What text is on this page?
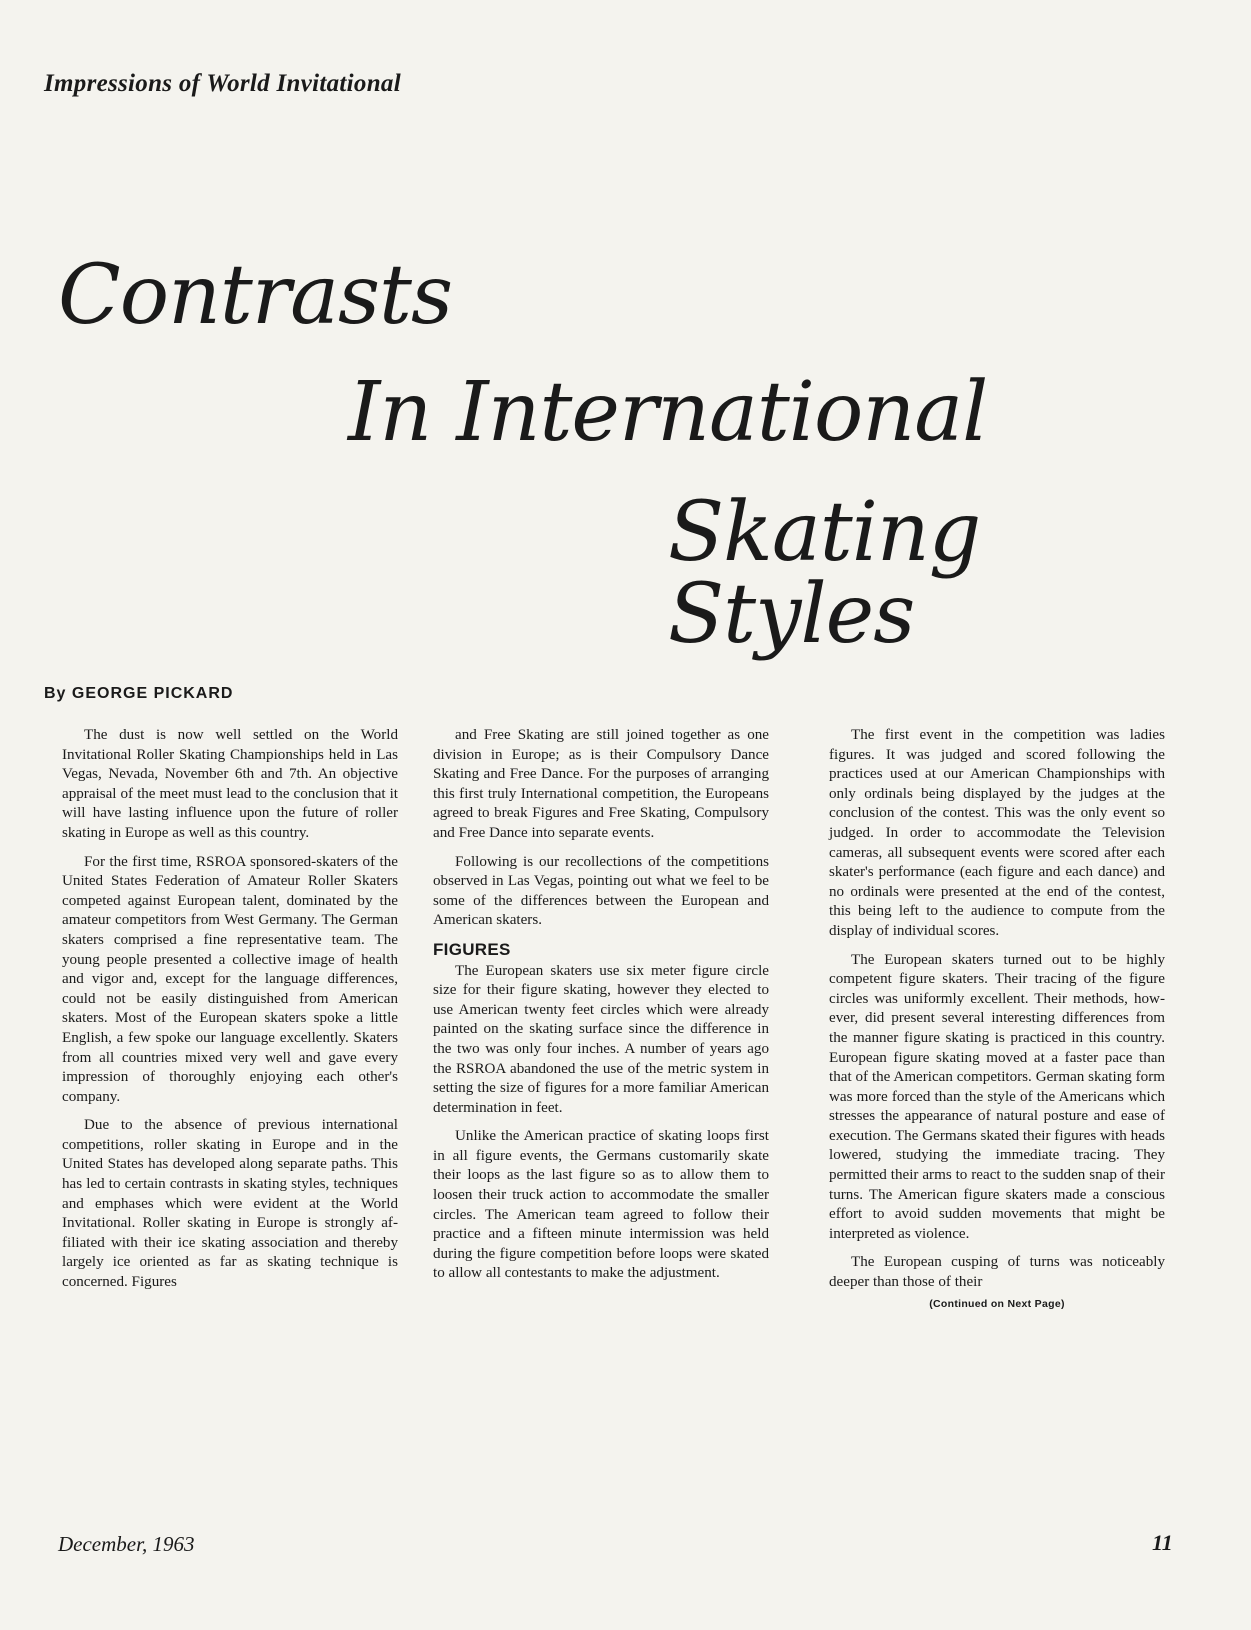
Impressions of World Invitational
Contrasts
In International
Skating Styles
By GEORGE PICKARD

The dust is now well settled on the World Invitational Roller Skating Championships held in Las Vegas, Nevada, November 6th and 7th. An objective appraisal of the meet must lead to the conclusion that it will have lasting influence upon the future of roller skating in Europe as well as this country.

For the first time, RSROA sponsored-skaters of the United States Federation of Amateur Roller Skaters competed against European talent, dominated by the amateur competitors from West Germany. The German skaters comprised a fine representative team. The young people presented a collective image of health and vigor and, except for the language differences, could not be easily distinguished from American skaters. Most of the European skaters spoke a little English, a few spoke our language excellently. Skaters from all countries mixed very well and gave every impression of thoroughly enjoying each other's company.

Due to the absence of previous international competitions, roller skating in Europe and in the United States has developed along separate paths. This has led to certain contrasts in skating styles, techniques and emphases which were evident at the World Invitational. Roller skating in Europe is strongly affiliated with their ice skating association and thereby largely ice oriented as far as skating technique is concerned. Figures

and Free Skating are still joined together as one division in Europe; as is their Compulsory Dance Skating and Free Dance. For the purposes of arranging this first truly International competition, the Europeans agreed to break Figures and Free Skating, Compulsory and Free Dance into separate events.

Following is our recollections of the competitions observed in Las Vegas, pointing out what we feel to be some of the differences between the European and American skaters.

FIGURES

The European skaters use six meter figure circle size for their figure skating, however they elected to use American twenty feet circles which were already painted on the skating surface since the difference in the two was only four inches. A number of years ago the RSROA abandoned the use of the metric system in setting the size of figures for a more familiar American determination in feet.

Unlike the American practice of skating loops first in all figure events, the Germans customarily skate their loops as the last figure so as to allow them to loosen their truck action to accommodate the smaller circles. The American team agreed to follow their practice and a fifteen minute intermission was held during the figure competition before loops were skated to allow all contestants to make the adjustment.

The first event in the competition was ladies figures. It was judged and scored following the practices used at our American Championships with only ordinals being displayed by the judges at the conclusion of the contest. This was the only event so judged. In order to accommodate the Television cameras, all subsequent events were scored after each skater's performance (each figure and each dance) and no ordinals were presented at the end of the contest, this being left to the audience to compute from the display of individual scores.

The European skaters turned out to be highly competent figure skaters. Their tracing of the figure circles was uniformly excellent. Their methods, however, did present several interesting differences from the manner figure skating is practiced in this country. European figure skating moved at a faster pace than that of the American competitors. German skating form was more forced than the style of the Americans which stresses the appearance of natural posture and ease of execution. The Germans skated their figures with heads lowered, studying the immediate tracing. They permitted their arms to react to the sudden snap of their turns. The American figure skaters made a conscious effort to avoid sudden movements that might be interpreted as violence.

The European cusping of turns was noticeably deeper than those of their

(Continued on Next Page)
December, 1963	11
